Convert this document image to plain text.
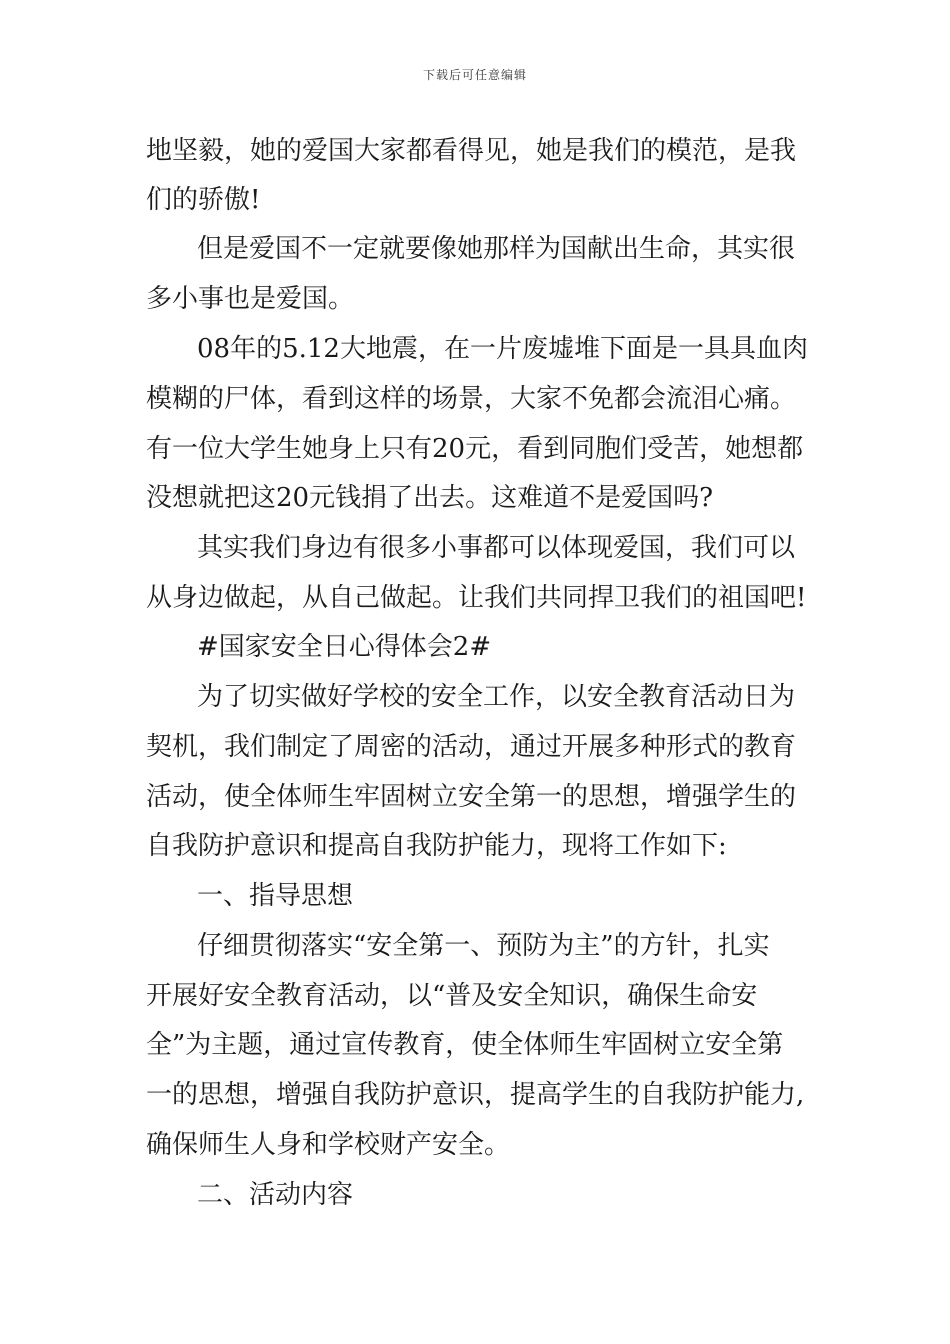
下载后可任意编辑
地坚毅，她的爱国大家都看得见，她是我们的模范，是我
们的骄傲!
但是爱国不一定就要像她那样为国献出生命，其实很
多小事也是爱国。
08年的5.12大地震，在一片废墟堆下面是一具具血肉
模糊的尸体，看到这样的场景，大家不免都会流泪心痛。
有一位大学生她身上只有20元，看到同胞们受苦，她想都
没想就把这20元钱捐了出去。这难道不是爱国吗?
其实我们身边有很多小事都可以体现爱国，我们可以
从身边做起，从自己做起。让我们共同捍卫我们的祖国吧!
#国家安全日心得体会2#
为了切实做好学校的安全工作，以安全教育活动日为
契机，我们制定了周密的活动，通过开展多种形式的教育
活动，使全体师生牢固树立安全第一的思想，增强学生的
自我防护意识和提高自我防护能力，现将工作如下:
一、指导思想
仔细贯彻落实“安全第一、预防为主”的方针，扎实
开展好安全教育活动，以“普及安全知识，确保生命安
全”为主题，通过宣传教育，使全体师生牢固树立安全第
一的思想，增强自我防护意识，提高学生的自我防护能力,
确保师生人身和学校财产安全。
二、活动内容
